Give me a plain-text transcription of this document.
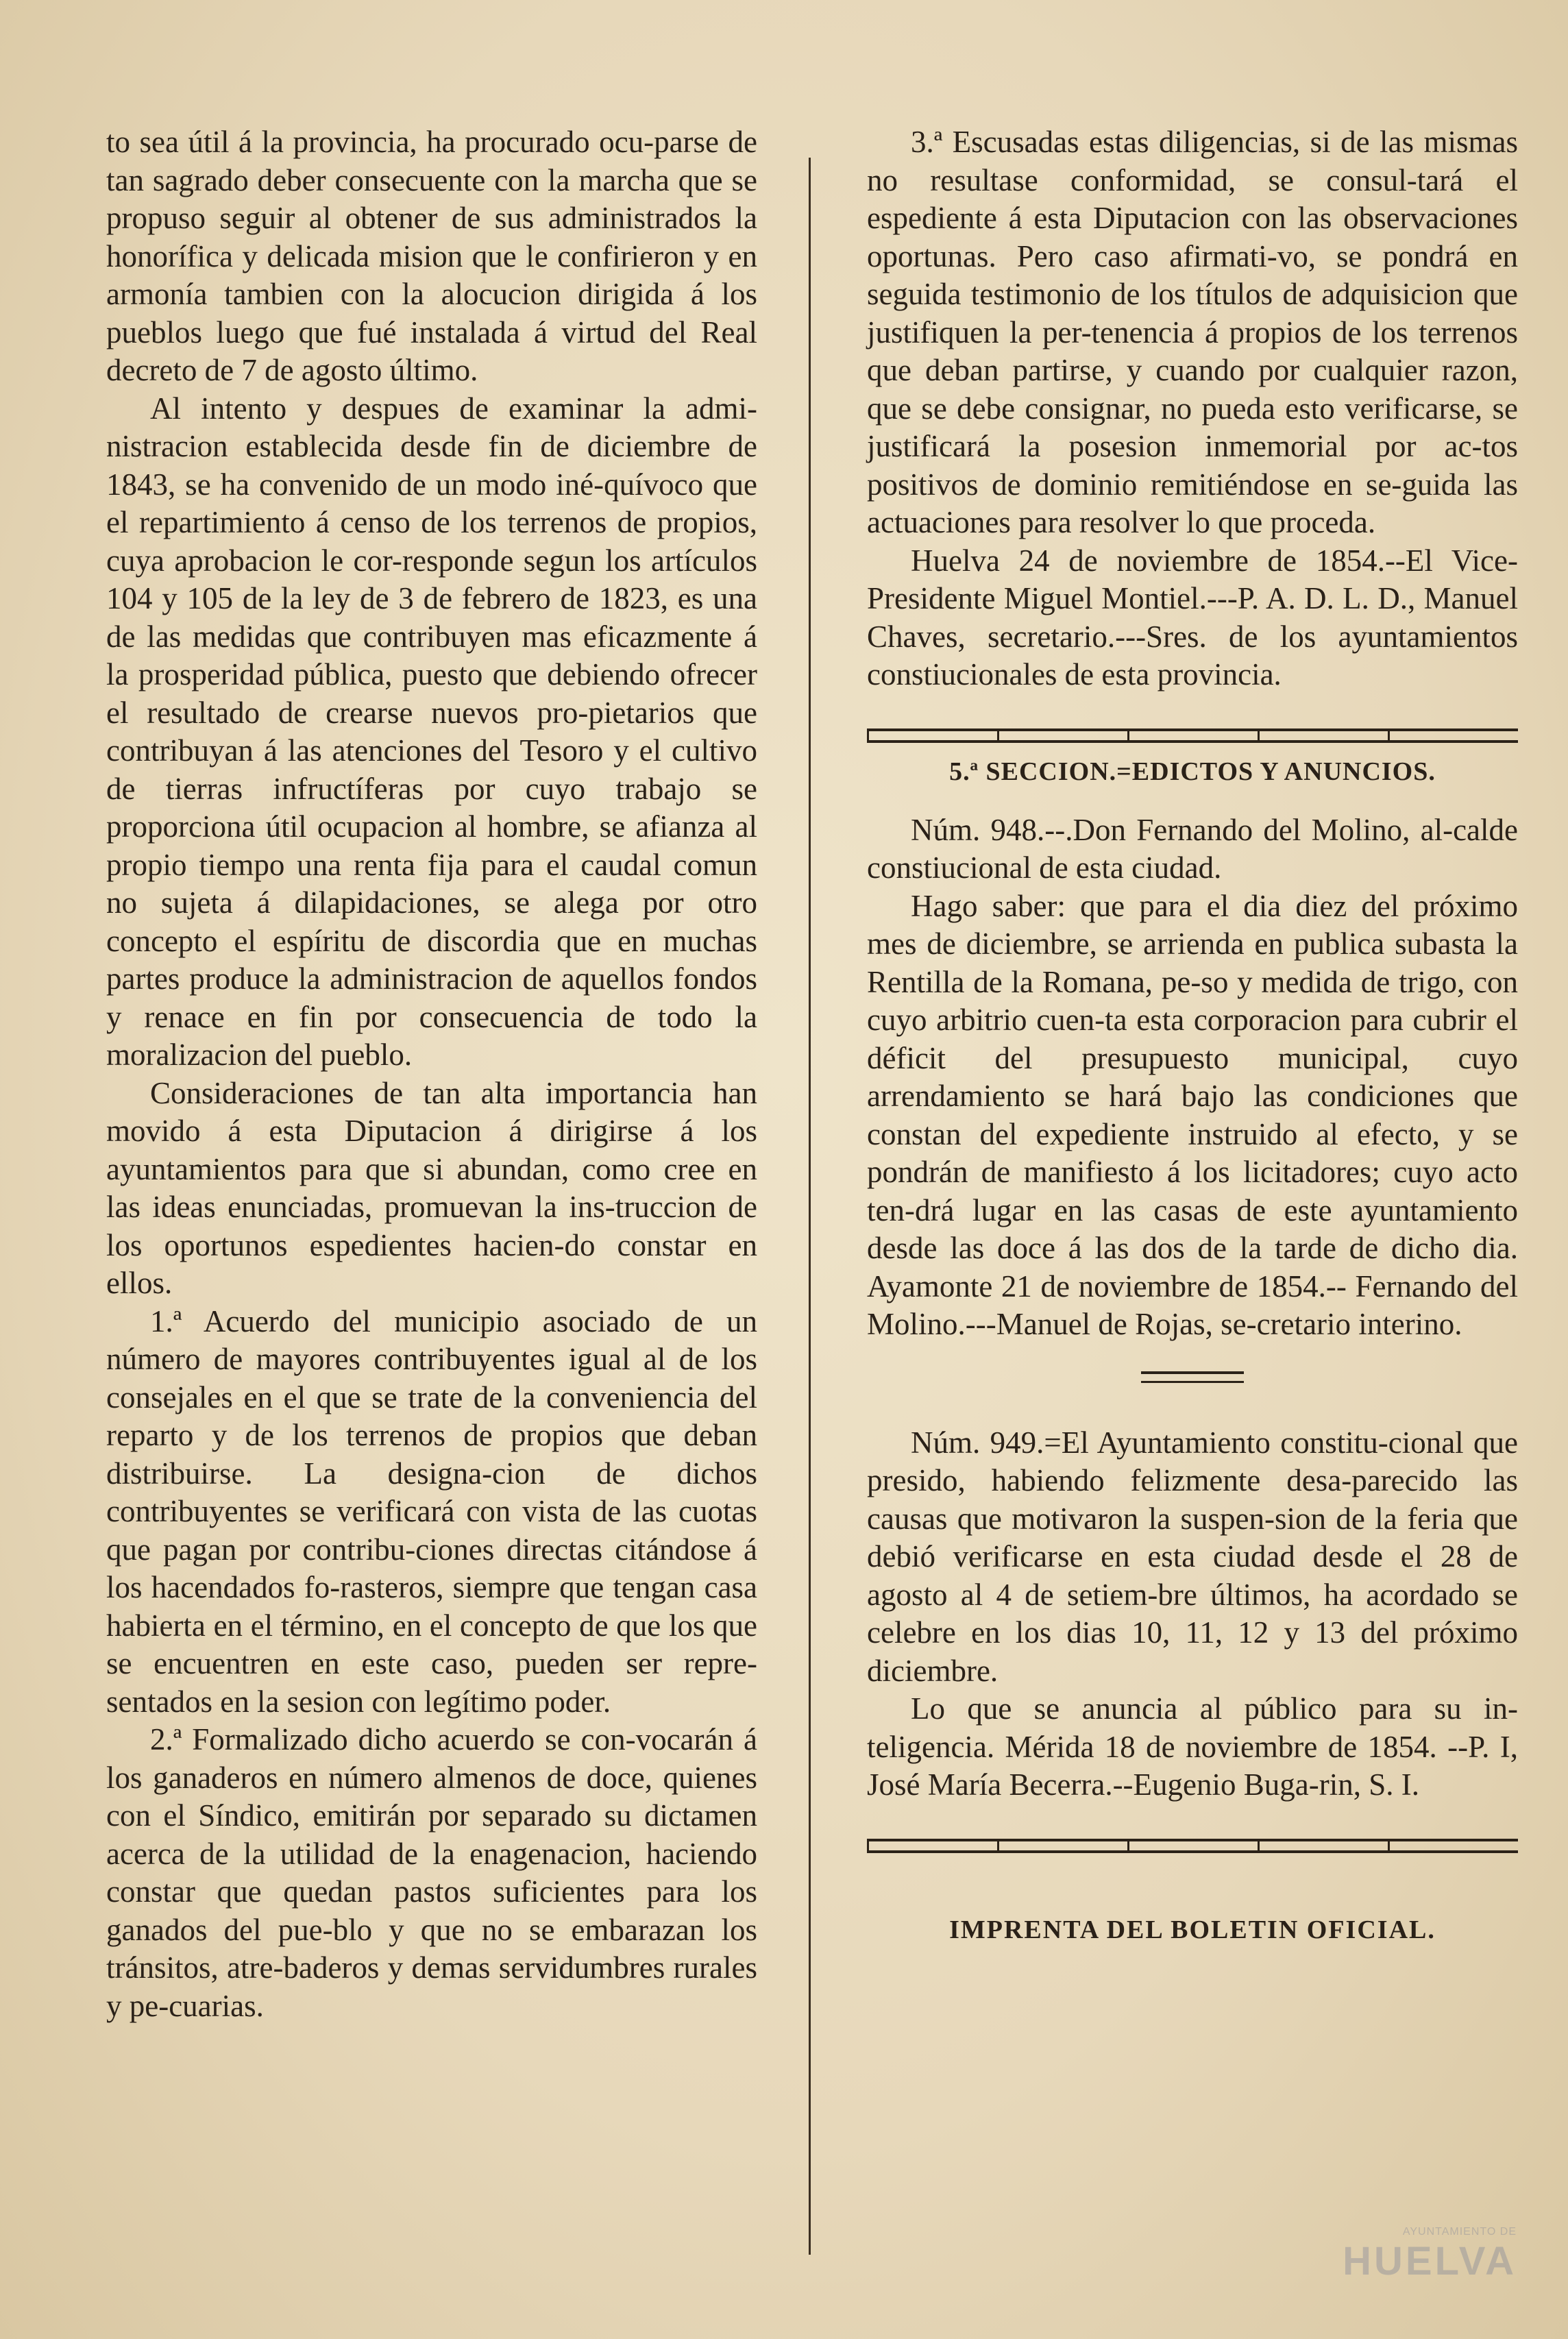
to sea útil á la provincia, ha procurado ocu-parse de tan sagrado deber consecuente con la marcha que se propuso seguir al obtener de sus administrados la honorífica y delicada mision que le confirieron y en armonía tambien con la alocucion dirigida á los pueblos luego que fué instalada á virtud del Real decreto de 7 de agosto último.

Al intento y despues de examinar la admi-nistracion establecida desde fin de diciembre de 1843, se ha convenido de un modo iné-quívoco que el repartimiento á censo de los terrenos de propios, cuya aprobacion le cor-responde segun los artículos 104 y 105 de la ley de 3 de febrero de 1823, es una de las medidas que contribuyen mas eficazmente á la prosperidad pública, puesto que debiendo ofrecer el resultado de crearse nuevos pro-pietarios que contribuyan á las atenciones del Tesoro y el cultivo de tierras infructíferas por cuyo trabajo se proporciona útil ocupacion al hombre, se afianza al propio tiempo una renta fija para el caudal comun no sujeta á dilapidaciones, se alega por otro concepto el espíritu de discordia que en muchas partes produce la administracion de aquellos fondos y renace en fin por consecuencia de todo la moralizacion del pueblo.

Consideraciones de tan alta importancia han movido á esta Diputacion á dirigirse á los ayuntamientos para que si abundan, como cree en las ideas enunciadas, promuevan la ins-truccion de los oportunos espedientes hacien-do constar en ellos.

1.ª Acuerdo del municipio asociado de un número de mayores contribuyentes igual al de los consejales en el que se trate de la conveniencia del reparto y de los terrenos de propios que deban distribuirse. La designa-cion de dichos contribuyentes se verificará con vista de las cuotas que pagan por contribu-ciones directas citándose á los hacendados fo-rasteros, siempre que tengan casa habierta en el término, en el concepto de que los que se encuentren en este caso, pueden ser repre-sentados en la sesion con legítimo poder.

2.ª Formalizado dicho acuerdo se con-vocarán á los ganaderos en número almenos de doce, quienes con el Síndico, emitirán por separado su dictamen acerca de la utilidad de la enagenacion, haciendo constar que quedan pastos suficientes para los ganados del pue-blo y que no se embarazan los tránsitos, atre-baderos y demas servidumbres rurales y pe-cuarias.

3.ª Escusadas estas diligencias, si de las mismas no resultase conformidad, se consul-tará el espediente á esta Diputacion con las observaciones oportunas. Pero caso afirmati-vo, se pondrá en seguida testimonio de los títulos de adquisicion que justifiquen la per-tenencia á propios de los terrenos que deban partirse, y cuando por cualquier razon, que se debe consignar, no pueda esto verificarse, se justificará la posesion inmemorial por ac-tos positivos de dominio remitiéndose en se-guida las actuaciones para resolver lo que proceda.

Huelva 24 de noviembre de 1854.--El Vice-Presidente Miguel Montiel.---P. A. D. L. D., Manuel Chaves, secretario.---Sres. de los ayuntamientos constiucionales de esta provincia.

5.ª SECCION.=EDICTOS Y ANUNCIOS.

Núm. 948.--.Don Fernando del Molino, al-calde constiucional de esta ciudad.

Hago saber: que para el dia diez del próximo mes de diciembre, se arrienda en publica subasta la Rentilla de la Romana, pe-so y medida de trigo, con cuyo arbitrio cuen-ta esta corporacion para cubrir el déficit del presupuesto municipal, cuyo arrendamiento se hará bajo las condiciones que constan del expediente instruido al efecto, y se pondrán de manifiesto á los licitadores; cuyo acto ten-drá lugar en las casas de este ayuntamiento desde las doce á las dos de la tarde de dicho dia. Ayamonte 21 de noviembre de 1854.-- Fernando del Molino.---Manuel de Rojas, se-cretario interino.

Núm. 949.=El Ayuntamiento constitu-cional que presido, habiendo felizmente desa-parecido las causas que motivaron la suspen-sion de la feria que debió verificarse en esta ciudad desde el 28 de agosto al 4 de setiem-bre últimos, ha acordado se celebre en los dias 10, 11, 12 y 13 del próximo diciembre.

Lo que se anuncia al público para su in-teligencia. Mérida 18 de noviembre de 1854. --P. I, José María Becerra.--Eugenio Buga-rin, S. I.

IMPRENTA DEL BOLETIN OFICIAL.
AYUNTAMIENTO DE
HUELVA
